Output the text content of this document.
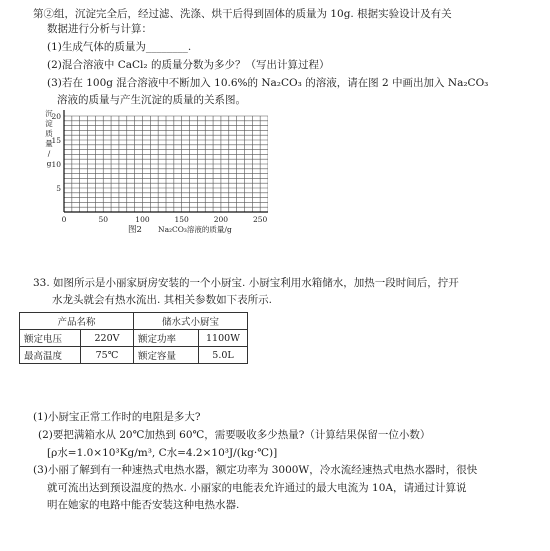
第②组，沉淀完全后，经过滤、洗涤、烘干后得到固体的质量为 10g. 根据实验设计及有关
数据进行分析与计算：
(1)生成气体的质量为________.
(2)混合溶液中 CaCl₂ 的质量分数为多少？（写出计算过程）
(3)若在 100g 混合溶液中不断加入 10.6%的 Na₂CO₃ 的溶液，请在图 2 中画出加入 Na₂CO₃
溶液的质量与产生沉淀的质量的关系图。
沉
淀
质
量
/
g
0	50	100	150	200	250
20
15
10
5
图2 Na₂CO₃溶液的质量/g
33. 如图所示是小丽家厨房安装的一个小厨宝. 小厨宝利用水箱储水，加热一段时间后，拧开
水龙头就会有热水流出. 其相关参数如下表所示.
产品名称		储水式小厨宝	
额定电压	220V	额定功率	1100W
最高温度	75℃	额定容量	5.0L
(1)小厨宝正常工作时的电阻是多大?
(2)要把满箱水从 20℃加热到 60℃，需要吸收多少热量?（计算结果保留一位小数）
[ρ水=1.0×10³Kg/m³, C水=4.2×10³J/(kg·℃)]
(3)小丽了解到有一种速热式电热水器，额定功率为 3000W，冷水流经速热式电热水器时，很快
就可流出达到预设温度的热水. 小丽家的电能表允许通过的最大电流为 10A，请通过计算说
明在她家的电路中能否安装这种电热水器.
